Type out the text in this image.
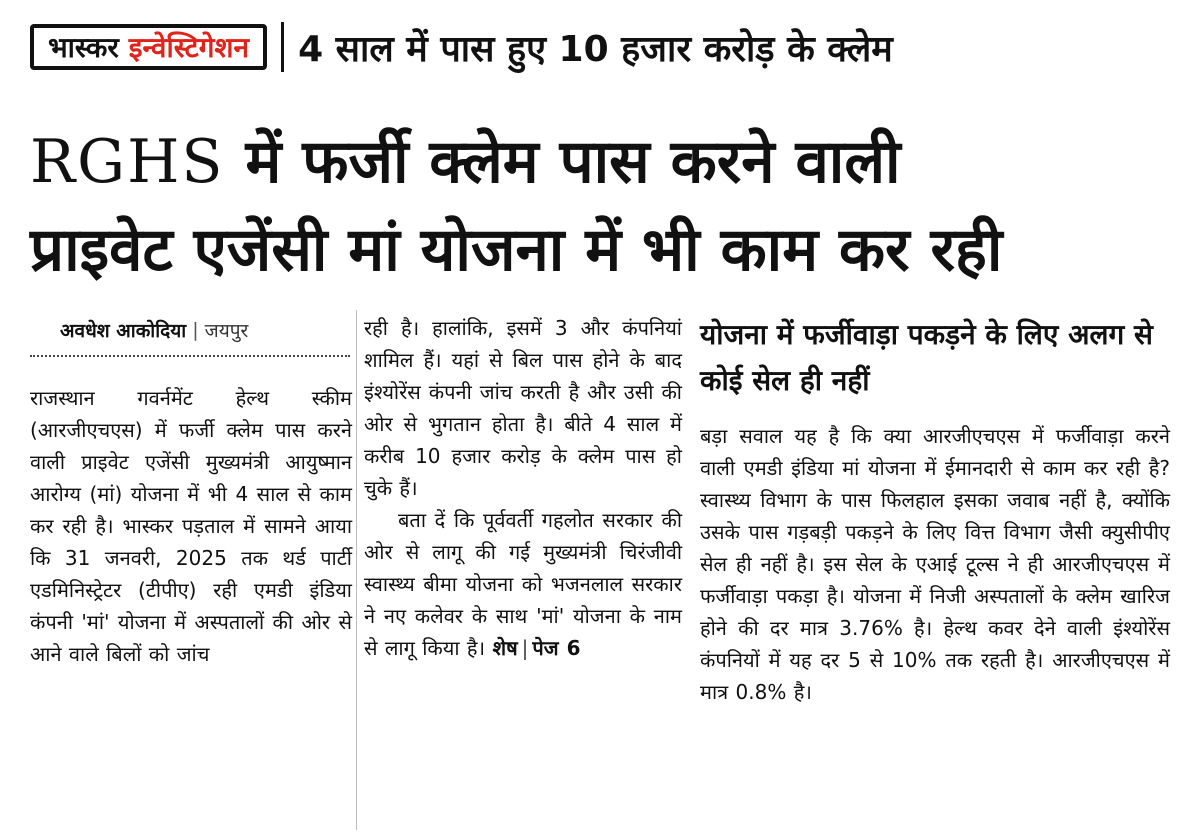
भास्कर इन्वेस्टिगेशन 4 साल में पास हुए 10 हजार करोड़ के क्लेम
RGHS में फर्जी क्लेम पास करने वाली
प्राइवेट एजेंसी मां योजना में भी काम कर रही
अवधेश आकोदिया | जयपुर

राजस्थान गवर्नमेंट हेल्थ स्कीम (आरजीएचएस) में फर्जी क्लेम पास करने वाली प्राइवेट एजेंसी मुख्यमंत्री आयुष्मान आरोग्य (मां) योजना में भी 4 साल से काम कर रही है। भास्कर पड़ताल में सामने आया कि 31 जनवरी, 2025 तक थर्ड पार्टी एडमिनिस्ट्रेटर (टीपीए) रही एमडी इंडिया कंपनी 'मां' योजना में अस्पतालों की ओर से आने वाले बिलों को जांच

रही है। हालांकि, इसमें 3 और कंपनियां शामिल हैं। यहां से बिल पास होने के बाद इंश्योरेंस कंपनी जांच करती है और उसी की ओर से भुगतान होता है। बीते 4 साल में करीब 10 हजार करोड़ के क्लेम पास हो चुके हैं।

बता दें कि पूर्ववर्ती गहलोत सरकार की ओर से लागू की गई मुख्यमंत्री चिरंजीवी स्वास्थ्य बीमा योजना को भजनलाल सरकार ने नए कलेवर के साथ 'मां' योजना के नाम से लागू किया है। शेष | पेज 6

योजना में फर्जीवाड़ा पकड़ने के लिए अलग से कोई सेल ही नहीं

बड़ा सवाल यह है कि क्या आरजीएचएस में फर्जीवाड़ा करने वाली एमडी इंडिया मां योजना में ईमानदारी से काम कर रही है? स्वास्थ्य विभाग के पास फिलहाल इसका जवाब नहीं है, क्योंकि उसके पास गड़बड़ी पकड़ने के लिए वित्त विभाग जैसी क्युसीपीए सेल ही नहीं है। इस सेल के एआई टूल्स ने ही आरजीएचएस में फर्जीवाड़ा पकड़ा है। योजना में निजी अस्पतालों के क्लेम खारिज होने की दर मात्र 3.76% है। हेल्थ कवर देने वाली इंश्योरेंस कंपनियों में यह दर 5 से 10% तक रहती है। आरजीएचएस में मात्र 0.8% है।
